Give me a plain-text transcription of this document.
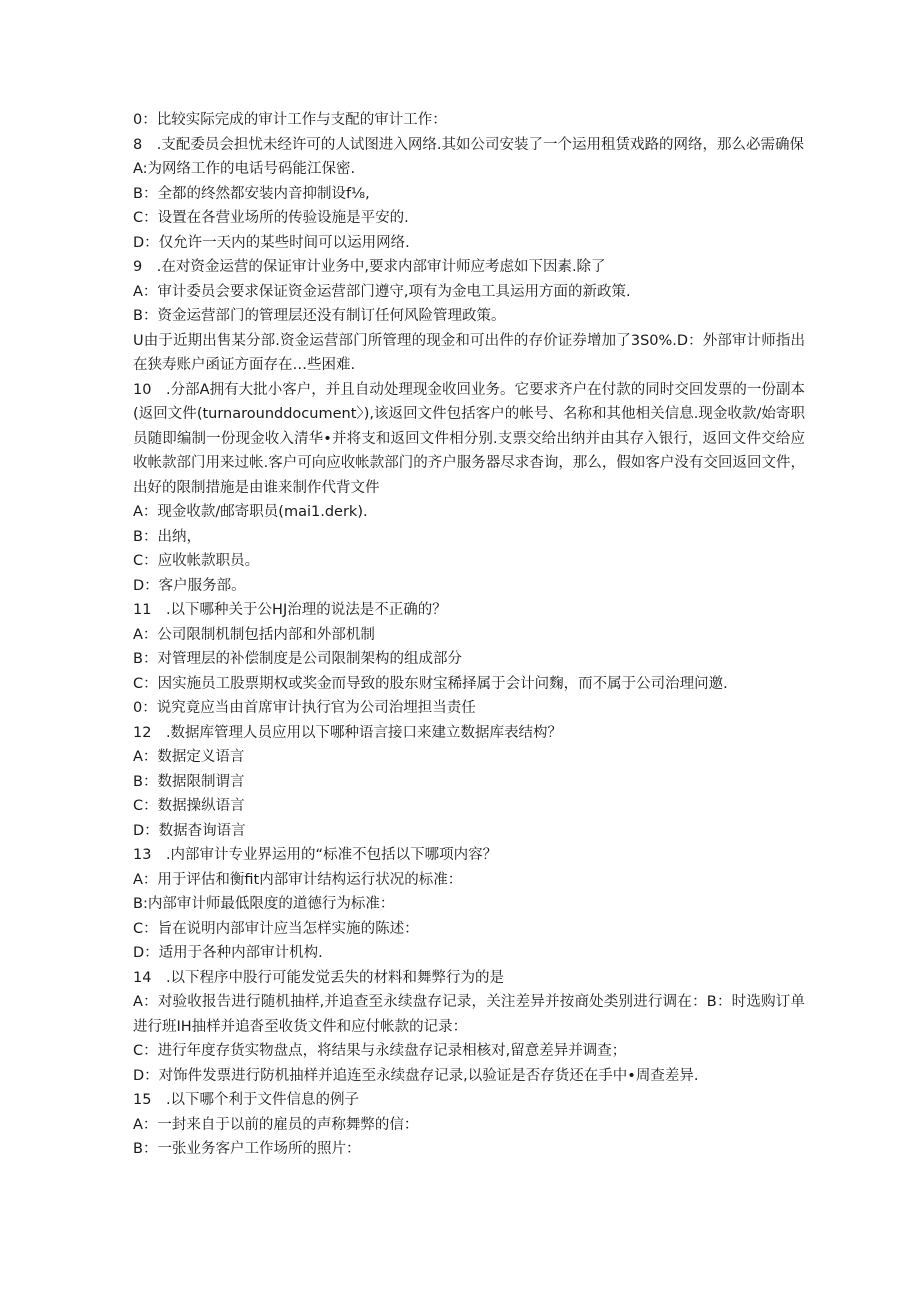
0：比较实际完成的审计工作与支配的审计工作：
8　.支配委员会担忧未经许可的人试图进入网络.其如公司安装了一个运用租赁戏路的网络，那么必需确保
A:为网络工作的电话号码能江保密.
B：全都的终然都安装内音抑制设f⅛,
C：设置在各营业场所的传验设施是平安的.
D：仅允许一天内的某些时间可以运用网络.
9　.在对资金运营的保证审计业务中,要求内部审计师应考虑如下因素.除了
A：审计委员会要求保证资金运营部门遵守,项有为金电工具运用方面的新政策.
B：资金运营部门的管理层还没有制订任何风险管理政策。
U由于近期出售某分部.资金运营部门所管理的现金和可出件的存价证券增加了3S0%.D：外部审计师指出在狭寿账户函证方面存在…些困难.
10　.分部A拥有大批小客户，并且自动处理现金收回业务。它要求齐户在付款的同时交回发票的一份副本(返回文件(turnarounddocument〉),该返回文件包括客户的帐号、名称和其他相关信息.现金收款/始寄职员随即编制一份现金收入清华•并将支和返回文件相分别.支票交给出纳并由其存入银行，返回文件交给应收帐款部门用来过帐.客户可向应收帐款部门的齐户服务器尽求杳询，那么，假如客户没有交回返回文件，出好的限制措施是由谁来制作代背文件
A：现金收款/邮寄职员(mai1.derk).
B：出纳，
C：应收帐款职员。
D：客户服务部。
11　.以下哪种关于公HJ治理的说法是不正确的？
A：公司限制机制包括内部和外部机制
B：对管理层的补偿制度是公司限制架构的组成部分
C：因实施员工股票期权或奖金而导致的股东财宝稀择属于会计问麴，而不属于公司治理问邀.
0：说究竟应当由首席审计执行官为公司治埋担当责任
12　.数据库管理人员应用以下哪种语言接口来建立数据库表结构？
A：数据定义语言
B：数据限制谓言
C：数据操纵语言
D：数据杳询语言
13　.内部审计专业界运用的“标准不包括以下哪项内容？
A：用于评估和衡fit内部审计结构运行状况的标准：
B:内部审计师最低限度的道德行为标准：
C：旨在说明内部审计应当怎样实施的陈述：
D：适用于各种内部审计机构.
14　.以下程序中股行可能发觉丢失的材料和舞弊行为的是
A：对验收报告进行随机抽样,并追查至永续盘存记录，关注差异并按商处类别进行调在：B：时选购订单进行班IH抽样并追沓至收货文件和应付帐款的记录：
C：进行年度存货实物盘点，将结果与永续盘存记录相核对,留意差异并调查；
D：对饰件发票进行防机抽样并追连至永续盘存记录,以验证是否存货还在手中•周查差异.
15　.以下哪个利于文件信息的例子
A：一封来自于以前的雇员的声称舞弊的信：
B：一张业务客户工作场所的照片：
